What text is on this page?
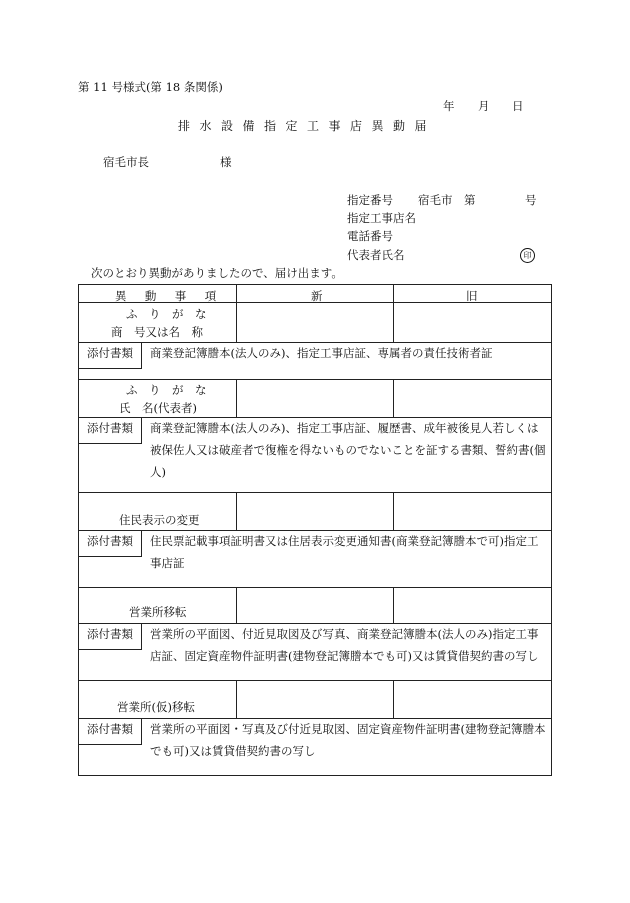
第 11 号様式(第 18 条関係)
年 月 日
排水設備指定工事店異動届
宿毛市長	様
指定番号 宿毛市 第	号
指定工事店名
電話番号
代表者氏名	印
次のとおり異動がありましたので、届け出ます。
異　動　事　項	新	旧
ふ　り　が　な
商　号又は名　称
添付書類	商業登記簿謄本(法人のみ)、指定工事店証、専属者の責任技術者証
ふ　り　が　な
氏　名(代表者)
添付書類	商業登記簿謄本(法人のみ)、指定工事店証、履歴書、成年被後見人若しくは被保佐人又は破産者で復権を得ないものでないことを証する書類、誓約書(個人)
住民表示の変更
添付書類	住民票記載事項証明書又は住居表示変更通知書(商業登記簿謄本で可)指定工事店証
営業所移転
添付書類	営業所の平面図、付近見取図及び写真、商業登記簿謄本(法人のみ)指定工事店証、固定資産物件証明書(建物登記簿謄本でも可)又は賃貸借契約書の写し
営業所(仮)移転
添付書類	営業所の平面図・写真及び付近見取図、固定資産物件証明書(建物登記簿謄本でも可)又は賃貸借契約書の写し
